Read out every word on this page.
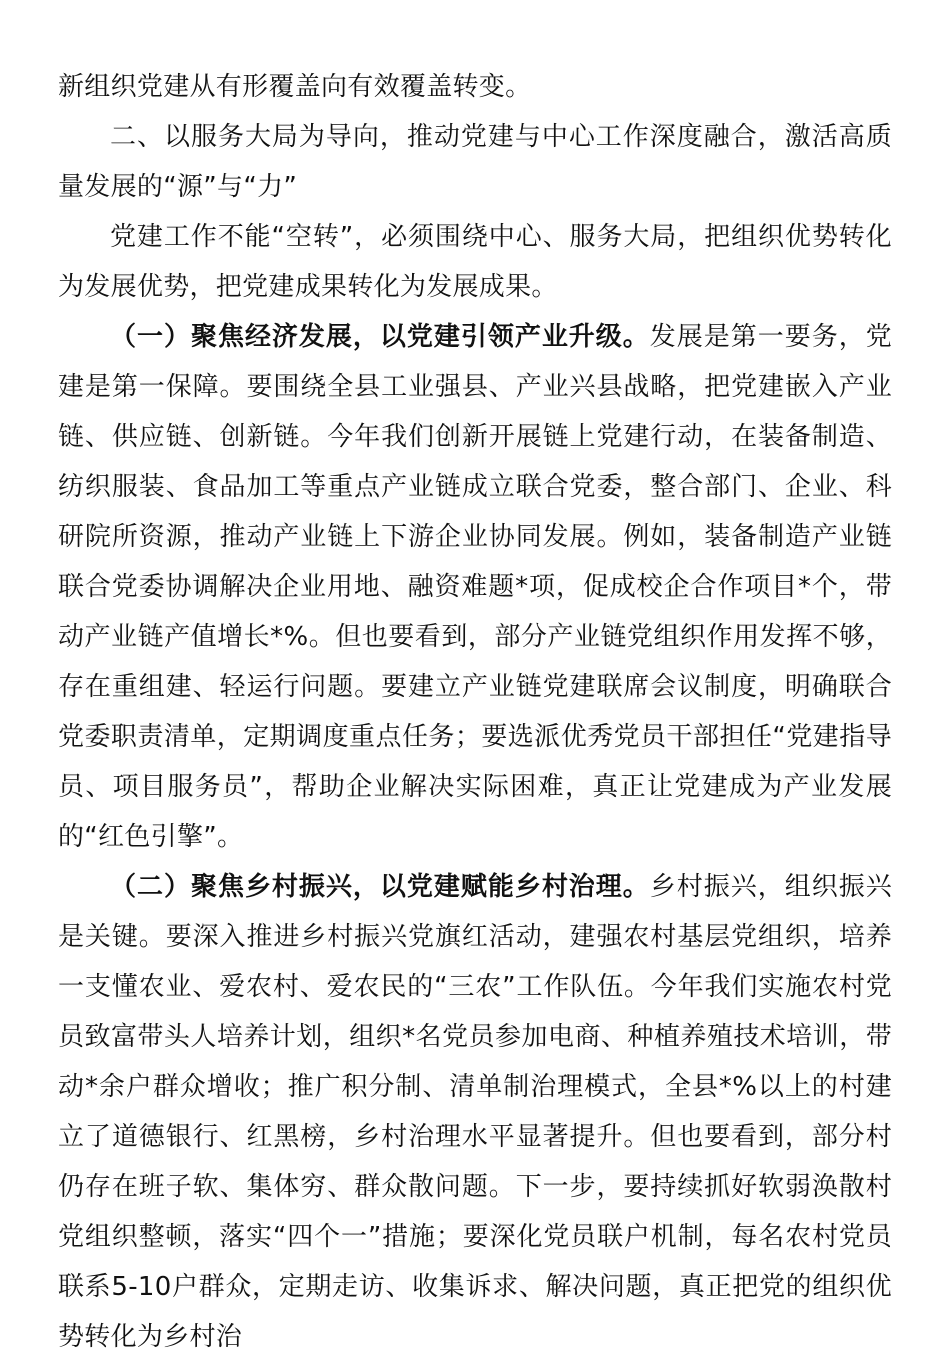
新组织党建从有形覆盖向有效覆盖转变。

二、以服务大局为导向，推动党建与中心工作深度融合，激活高质量发展的“源”与“力”

党建工作不能“空转”，必须围绕中心、服务大局，把组织优势转化为发展优势，把党建成果转化为发展成果。

（一）聚焦经济发展，以党建引领产业升级。发展是第一要务，党建是第一保障。要围绕全县工业强县、产业兴县战略，把党建嵌入产业链、供应链、创新链。今年我们创新开展链上党建行动，在装备制造、纺织服装、食品加工等重点产业链成立联合党委，整合部门、企业、科研院所资源，推动产业链上下游企业协同发展。例如，装备制造产业链联合党委协调解决企业用地、融资难题*项，促成校企合作项目*个，带动产业链产值增长*%。但也要看到，部分产业链党组织作用发挥不够，存在重组建、轻运行问题。要建立产业链党建联席会议制度，明确联合党委职责清单，定期调度重点任务；要选派优秀党员干部担任“党建指导员、项目服务员”，帮助企业解决实际困难，真正让党建成为产业发展的“红色引擎”。

（二）聚焦乡村振兴，以党建赋能乡村治理。乡村振兴，组织振兴是关键。要深入推进乡村振兴党旗红活动，建强农村基层党组织，培养一支懂农业、爱农村、爱农民的“三农”工作队伍。今年我们实施农村党员致富带头人培养计划，组织*名党员参加电商、种植养殖技术培训，带动*余户群众增收；推广积分制、清单制治理模式，全县*%以上的村建立了道德银行、红黑榜，乡村治理水平显著提升。但也要看到，部分村仍存在班子软、集体穷、群众散问题。下一步，要持续抓好软弱涣散村党组织整顿，落实“四个一”措施；要深化党员联户机制，每名农村党员联系5-10户群众，定期走访、收集诉求、解决问题，真正把党的组织优势转化为乡村治
